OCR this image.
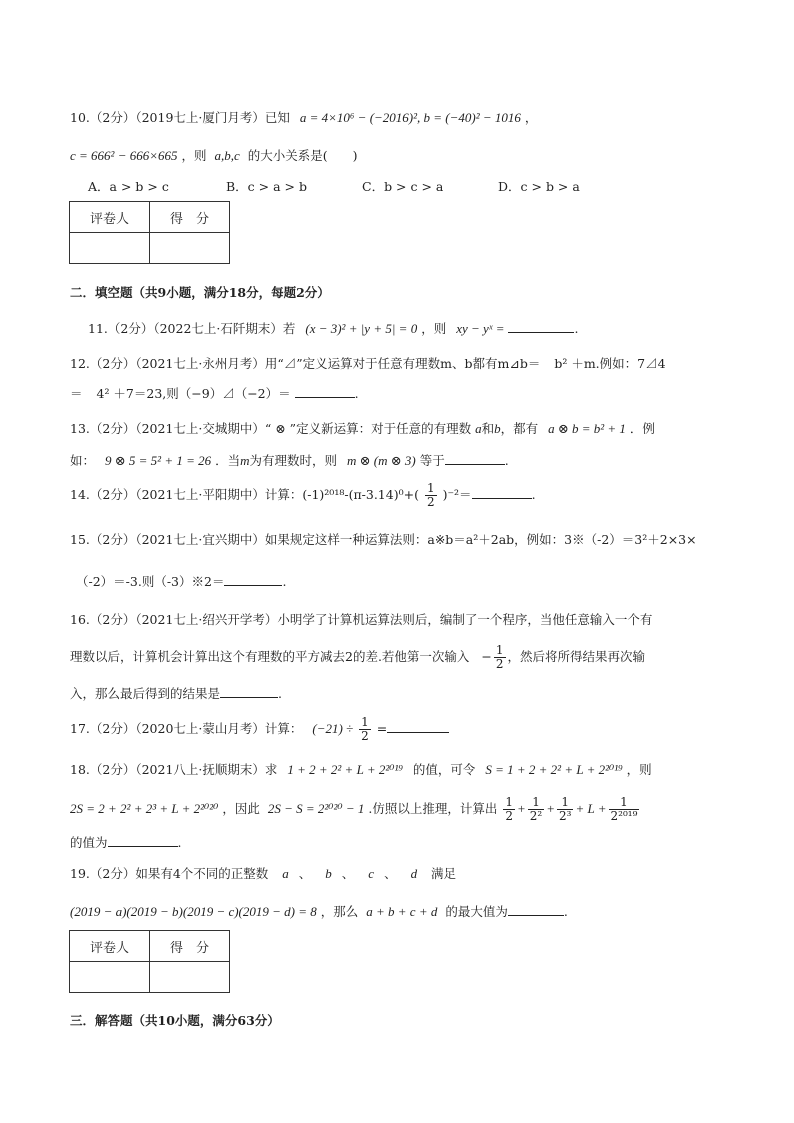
10.（2分）（2019七上·厦门月考）已知 a = 4×10⁶ − (−2016)², b = (−40)² − 1016 ，
c = 666² − 666×665 ，则 a,b,c 的大小关系是(　　)
A．a > b > c	B．c > a > b	C．b > c > a	D．c > b > a
评卷人	得　分

二．填空题（共9小题，满分18分，每题2分）
11.（2分）（2022七上·石阡期末）若 (x − 3)² + |y + 5| = 0 ，则 xy − yˣ =	.
12.（2分）（2021七上·永州月考）用“⊿”定义运算对于任意有理数m、b都有m⊿b＝ b² ＋m.例如：7⊿4
＝ 4² ＋7＝23,则（−9）⊿（−2）＝	.
13.（2分）（2021七上·交城期中）“ ⊗ ”定义新运算：对于任意的有理数 a和b，都有 a ⊗ b = b² + 1 ．例
如： 9 ⊗ 5 = 5² + 1 = 26 ．当m为有理数时，则 m ⊗ (m ⊗ 3) 等于	.
14.（2分）（2021七上·平阳期中）计算：$(-1)^{2018}-(\pi-3.14)^0+( \frac{1}{2} )^{-2}=$	.
15.（2分）（2021七上·宜兴期中）如果规定这样一种运算法则：a※b＝a²＋2ab，例如：3※（-2）＝3²＋2×3×
（-2）＝-3.则（-3）※2＝	.
16.（2分）（2021七上·绍兴开学考）小明学了计算机运算法则后，编制了一个程序，当他任意输入一个有
理数以后，计算机会计算出这个有理数的平方减去2的差.若他第一次输入 − $\frac{1}{2}$ ，然后将所得结果再次输
入，那么最后得到的结果是	.
17.（2分）（2020七上·蒙山月考）计算： $(-21) \div \frac{1}{2}$ =
18.（2分）（2021八上·抚顺期末）求 1 + 2 + 2² + L + 2²⁰¹⁹ 的值，可令 S = 1 + 2 + 2² + L + 2²⁰¹⁹ ，则
2S = 2 + 2² + 2³ + L + 2²⁰²⁰ ，因此 2S − S = 2²⁰²⁰ − 1 .仿照以上推理，计算出 $\frac{1}{2} + \frac{1}{\text{2²}} + \frac{1}{\text{2³}} + L + \frac{1}{\text{2²⁰¹⁹}}$
的值为	.
19.（2分）如果有4个不同的正整数 a 、 b 、 c 、 d 满足
(2019 − a)(2019 − b)(2019 − c)(2019 − d) = 8 ，那么 a + b + c + d 的最大值为	.
评卷人	得　分

三．解答题（共10小题，满分63分）
